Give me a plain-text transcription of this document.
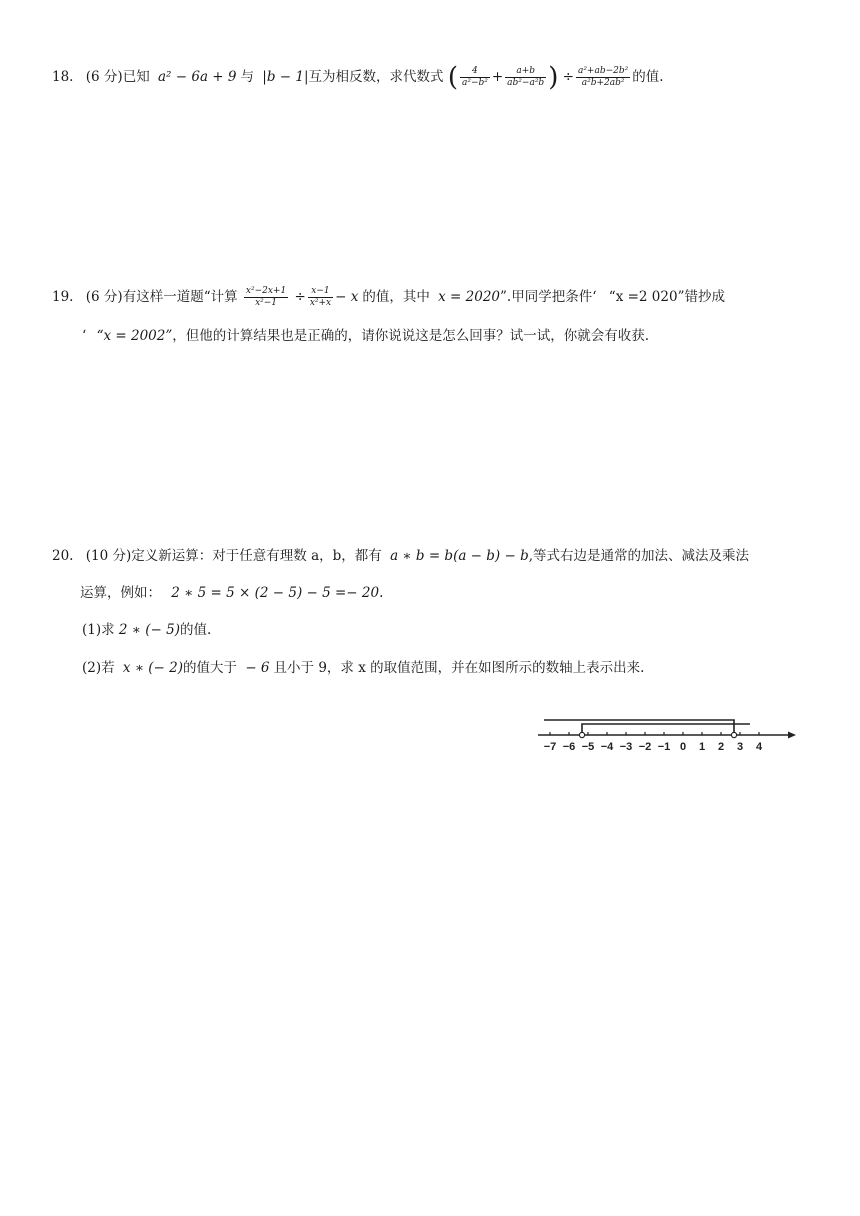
18. (6 分)已知 a² − 6a + 9 与 |b − 1|互为相反数，求代数式 ( $\frac{4}{\text{a²−b²}} + \frac{a+b}{\text{ab²−a²b}}$ ) ÷ $\frac{\text{a²+ab−2b²}}{\text{a²b+2ab²}}$ 的值.
19. (6 分)有这样一道题“计算 $\frac{\text{x²−2x+1}}{\text{x²−1}} \div \frac{x-1}{\text{x²+x}} - x$ 的值，其中 x = 2020”.甲同学把条件‘ “x =2 020”错抄成
‘ “x = 2002”，但他的计算结果也是正确的，请你说说这是怎么回事？试一试，你就会有收获.
20. (10 分)定义新运算：对于任意有理数 a，b，都有 a ∗ b = b(a − b) − b,等式右边是通常的加法、减法及乘法
运算，例如： 2 ∗ 5 = 5 × (2 − 5) − 5 =− 20.
(1)求 2 ∗ (− 5)的值.
(2)若 x ∗ (− 2)的值大于 − 6 且小于 9，求 x 的取值范围，并在如图所示的数轴上表示出来.
−7 −6 −5 −4 −3 −2 −1 0 1 2 3 4
